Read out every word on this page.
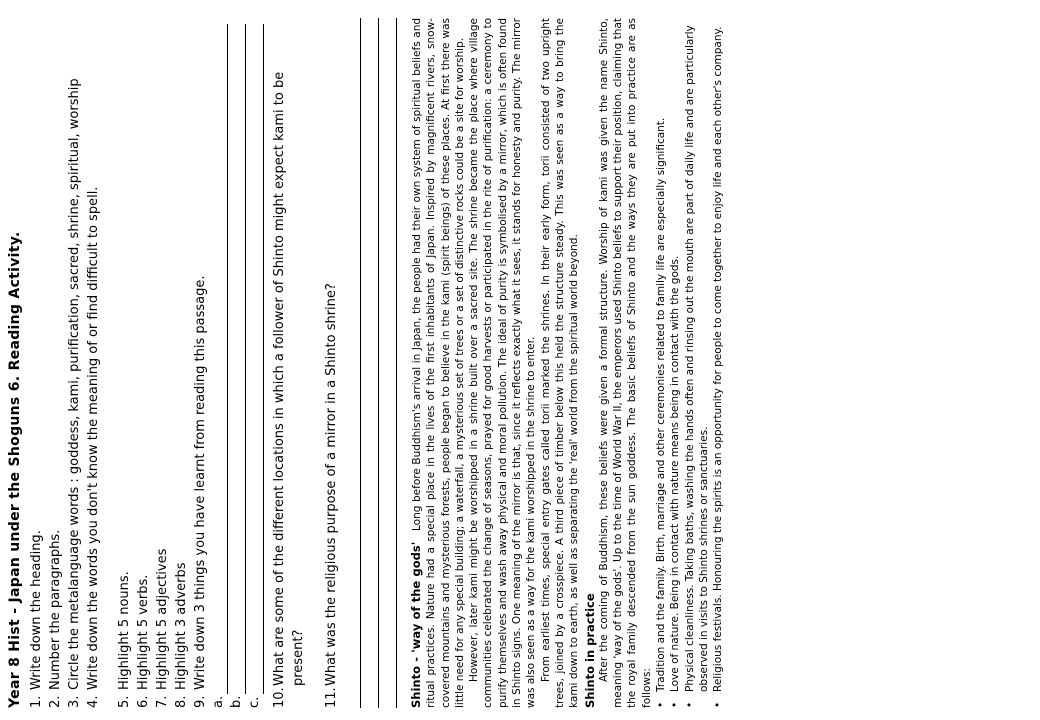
Year 8 Hist - Japan under the Shoguns 6. Reading Activity. 1.
Write down the heading.
2.
Number the paragraphs.
3.
Circle the metalanguage words : goddess, kami, purification, sacred, shrine, spiritual, worship
4.
Write down the words you don't know the meaning of or find difficult to spell.
5.
Highlight 5 nouns.
6.
Highlight 5 verbs.
7.
Highlight 5 adjectives
8.
Highlight 3 adverbs
9.
Write down 3 things you have learnt from reading this passage.
a. b. c. 10.
What are some of the different locations in which a follower of Shinto might expect kami to be present?
11.
What was the religious purpose of a mirror in a Shinto shrine?	Shinto - 'way of the gods'   Long before Buddhism's arrival in Japan, the people had their own system of spiritual beliefs and ritual practices. Nature had a special place in the lives of the first inhabitants of Japan. Inspired by magnificent rivers, snow-covered mountains and mysterious forests, people began to believe in the kami (spirit beings) of these places. At first there was little need for any special building; a waterfall, a mysterious set of trees or a set of distinctive rocks could be a site for worship. However, later kami might be worshipped in a shrine built over a sacred site. The shrine became the place where village communities celebrated the change of seasons, prayed for good harvests or participated in the rite of purification: a ceremony to purify themselves and wash away physical and moral pollution. The ideal of purity is symbolised by a mirror, which is often found in Shinto signs. One meaning of the mirror is that, since it reflects exactly what it sees, it stands for honesty and purity. The mirror was also seen as a way for the kami worshipped in the shrine to enter. From earliest times, special entry gates called torii marked the shrines. In their early form, torii consisted of two upright trees, joined by a crosspiece. A third piece of timber below this held the structure steady. This was seen as a way to bring the kami down to earth, as well as separating the 'real' world from the spiritual world beyond. Shinto in practice After the coming of Buddhism, these beliefs were given a formal structure. Worship of kami was given the name Shinto, meaning 'way of the gods'. Up to the time of World War II, the emperors used Shinto beliefs to support their position, claiming that the royal family descended from the sun goddess. The basic beliefs of Shinto and the ways they are put into practice are as follows: •
Tradition and the family. Birth, marriage and other ceremonies related to family life are especially significant.
•
Love of nature. Being in contact with nature means being in contact with the gods.
•
Physical cleanliness. Taking baths, washing the hands often and rinsing out the mouth are part of daily life and are particularly observed in visits to Shinto shrines or sanctuaries.
•
Religious festivals. Honouring the spirits is an opportunity for people to come together to enjoy life and each other's company.
